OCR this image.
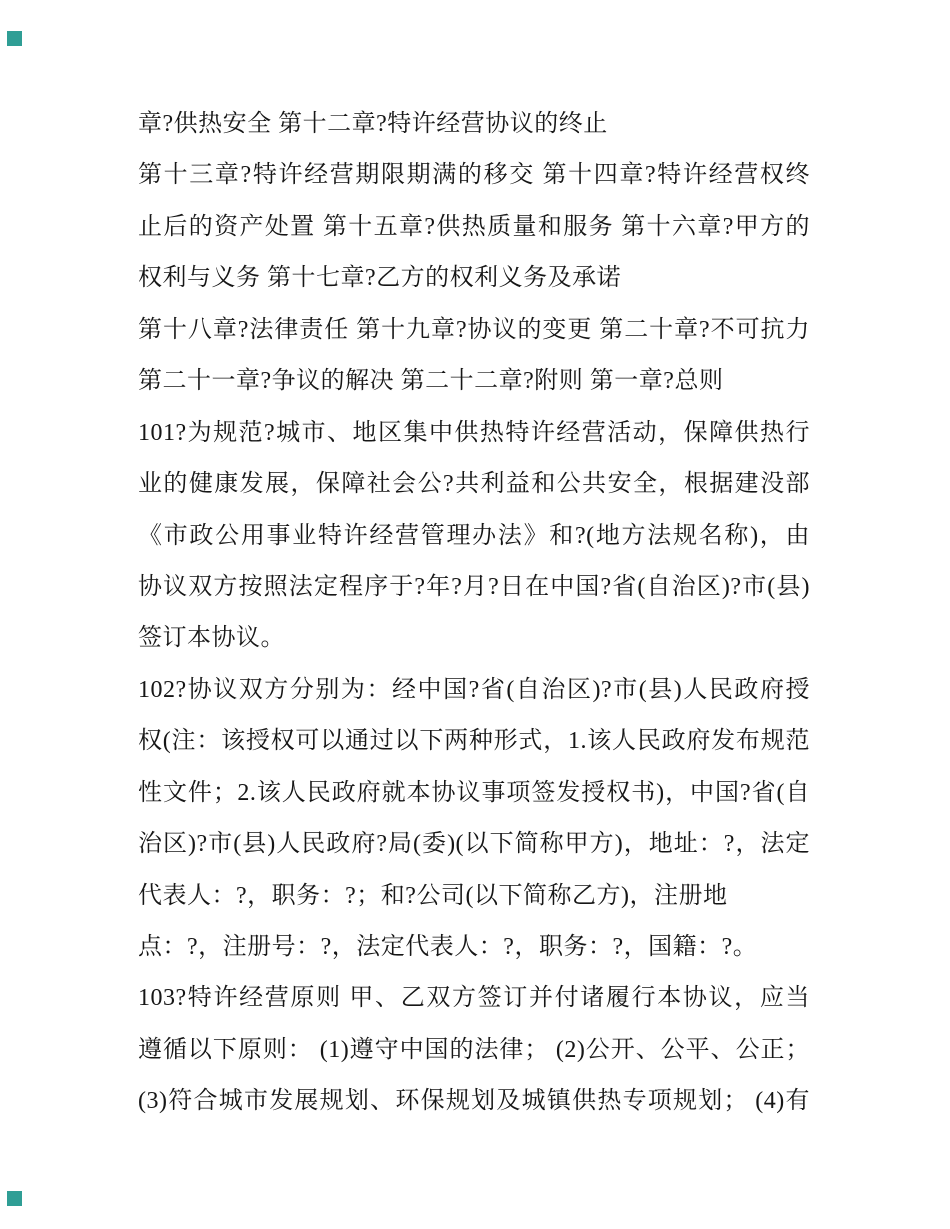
章?供热安全 第十二章?特许经营协议的终止
第十三章?特许经营期限期满的移交 第十四章?特许经营权终
止后的资产处置 第十五章?供热质量和服务 第十六章?甲方的
权利与义务 第十七章?乙方的权利义务及承诺
第十八章?法律责任 第十九章?协议的变更 第二十章?不可抗力
第二十一章?争议的解决 第二十二章?附则 第一章?总则
101?为规范?城市、地区集中供热特许经营活动，保障供热行
业的健康发展，保障社会公?共利益和公共安全，根据建没部
《市政公用事业特许经营管理办法》和?(地方法规名称)，由
协议双方按照法定程序于?年?月?日在中国?省(自治区)?市(县)
签订本协议。
102?协议双方分别为：经中国?省(自治区)?市(县)人民政府授
权(注：该授权可以通过以下两种形式，1.该人民政府发布规范
性文件；2.该人民政府就本协议事项签发授权书)，中国?省(自
治区)?市(县)人民政府?局(委)(以下简称甲方)，地址：?，法定
代表人：?，职务：?；和?公司(以下简称乙方)，注册地
点：?，注册号：?，法定代表人：?，职务：?，国籍：?。
103?特许经营原则 甲、乙双方签订并付诸履行本协议，应当
遵循以下原则： (1)遵守中国的法律； (2)公开、公平、公正；
(3)符合城市发展规划、环保规划及城镇供热专项规划； (4)有
